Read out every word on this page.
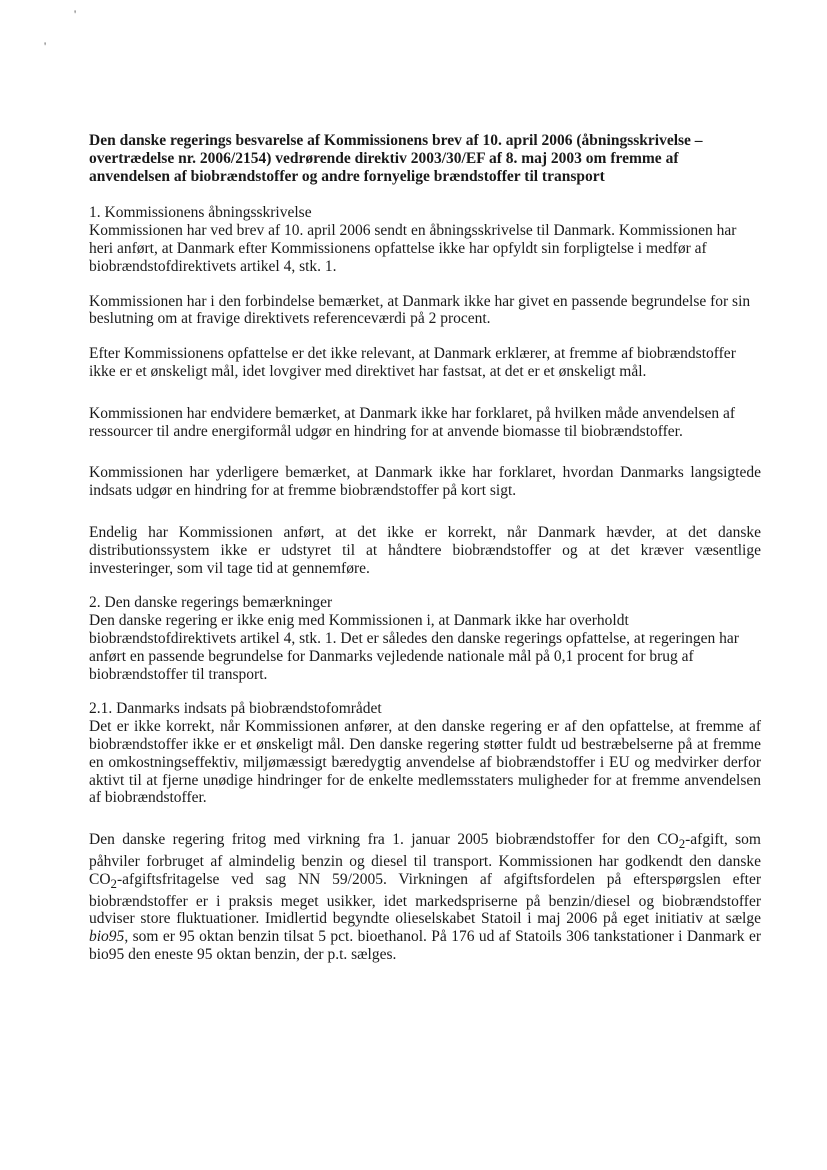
'
'

Den danske regerings besvarelse af Kommissionens brev af 10. april 2006 (åbningsskrivelse – overtrædelse nr. 2006/2154) vedrørende direktiv 2003/30/EF af 8. maj 2003 om fremme af anvendelsen af biobrændstoffer og andre fornyelige brændstoffer til transport

1. Kommissionens åbningsskrivelse

Kommissionen har ved brev af 10. april 2006 sendt en åbningsskrivelse til Danmark. Kommissionen har heri anført, at Danmark efter Kommissionens opfattelse ikke har opfyldt sin forpligtelse i medfør af biobrændstofdirektivets artikel 4, stk. 1.

Kommissionen har i den forbindelse bemærket, at Danmark ikke har givet en passende begrundelse for sin beslutning om at fravige direktivets referenceværdi på 2 procent.

Efter Kommissionens opfattelse er det ikke relevant, at Danmark erklærer, at fremme af biobrændstoffer ikke er et ønskeligt mål, idet lovgiver med direktivet har fastsat, at det er et ønskeligt mål.

Kommissionen har endvidere bemærket, at Danmark ikke har forklaret, på hvilken måde anvendelsen af ressourcer til andre energiformål udgør en hindring for at anvende biomasse til biobrændstoffer.

Kommissionen har yderligere bemærket, at Danmark ikke har forklaret, hvordan Danmarks langsigtede indsats udgør en hindring for at fremme biobrændstoffer på kort sigt.

Endelig har Kommissionen anført, at det ikke er korrekt, når Danmark hævder, at det danske distributionssystem ikke er udstyret til at håndtere biobrændstoffer og at det kræver væsentlige investeringer, som vil tage tid at gennemføre.

2. Den danske regerings bemærkninger

Den danske regering er ikke enig med Kommissionen i, at Danmark ikke har overholdt biobrændstofdirektivets artikel 4, stk. 1. Det er således den danske regerings opfattelse, at regeringen har anført en passende begrundelse for Danmarks vejledende nationale mål på 0,1 procent for brug af biobrændstoffer til transport.

2.1. Danmarks indsats på biobrændstofområdet

Det er ikke korrekt, når Kommissionen anfører, at den danske regering er af den opfattelse, at fremme af biobrændstoffer ikke er et ønskeligt mål. Den danske regering støtter fuldt ud bestræbelserne på at fremme en omkostningseffektiv, miljømæssigt bæredygtig anvendelse af biobrændstoffer i EU og medvirker derfor aktivt til at fjerne unødige hindringer for de enkelte medlemsstaters muligheder for at fremme anvendelsen af biobrændstoffer.

Den danske regering fritog med virkning fra 1. januar 2005 biobrændstoffer for den $CO_2$-afgift, som påhviler forbruget af almindelig benzin og diesel til transport. Kommissionen har godkendt den danske $CO_2$-afgiftsfritagelse ved sag NN 59/2005. Virkningen af afgiftsfordelen på efterspørgslen efter biobrændstoffer er i praksis meget usikker, idet markedspriserne på benzin/diesel og biobrændstoffer udviser store fluktuationer. Imidlertid begyndte olieselskabet Statoil i maj 2006 på eget initiativ at sælge bio95, som er 95 oktan benzin tilsat 5 pct. bioethanol. På 176 ud af Statoils 306 tankstationer i Danmark er bio95 den eneste 95 oktan benzin, der p.t. sælges.
